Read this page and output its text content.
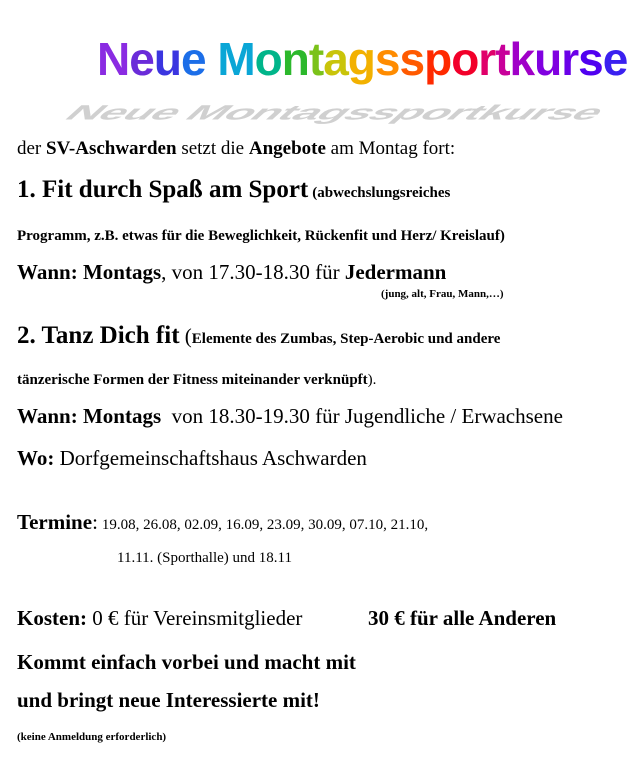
Neue Montagssportkurse
Neue Montagssportkurse
der SV-Aschwarden setzt die Angebote am Montag fort:
1. Fit durch Spaß am Sport (abwechslungsreiches
Programm, z.B. etwas für die Beweglichkeit, Rückenfit und Herz/ Kreislauf)
Wann: Montags, von 17.30-18.30 für Jedermann
(jung, alt, Frau, Mann,…)
2. Tanz Dich fit (Elemente des Zumbas, Step-Aerobic und andere
tänzerische Formen der Fitness miteinander verknüpft).
Wann: Montags  von 18.30-19.30 für Jugendliche / Erwachsene
Wo: Dorfgemeinschaftshaus Aschwarden
Termine: 19.08, 26.08, 02.09, 16.09, 23.09, 30.09, 07.10, 21.10,
11.11. (Sporthalle) und 18.11
Kosten: 0 € für Vereinsmitglieder	30 € für alle Anderen
Kommt einfach vorbei und macht mit
und bringt neue Interessierte mit!
(keine Anmeldung erforderlich)
